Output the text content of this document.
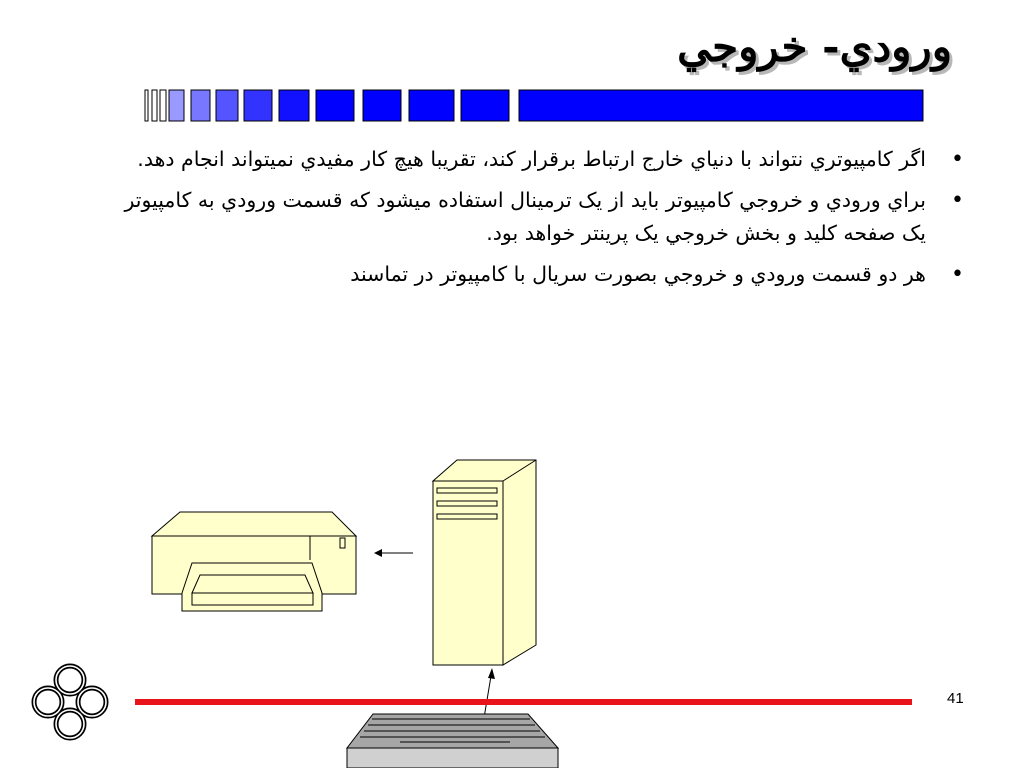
ورودي- خروجي
• اگر کامپيوتري نتواند با دنياي خارج ارتباط برقرار کند، تقريبا هيچ کار مفيدي نميتواند انجام دهد.
• براي ورودي و خروجي کامپيوتر بايد از يک ترمينال استفاده ميشود که قسمت ورودي به کامپيوتر يک صفحه کليد و بخش خروجي يک پرينتر خواهد بود.
• هر دو قسمت ورودي و خروجي بصورت سريال با کامپيوتر در تماسند
41
